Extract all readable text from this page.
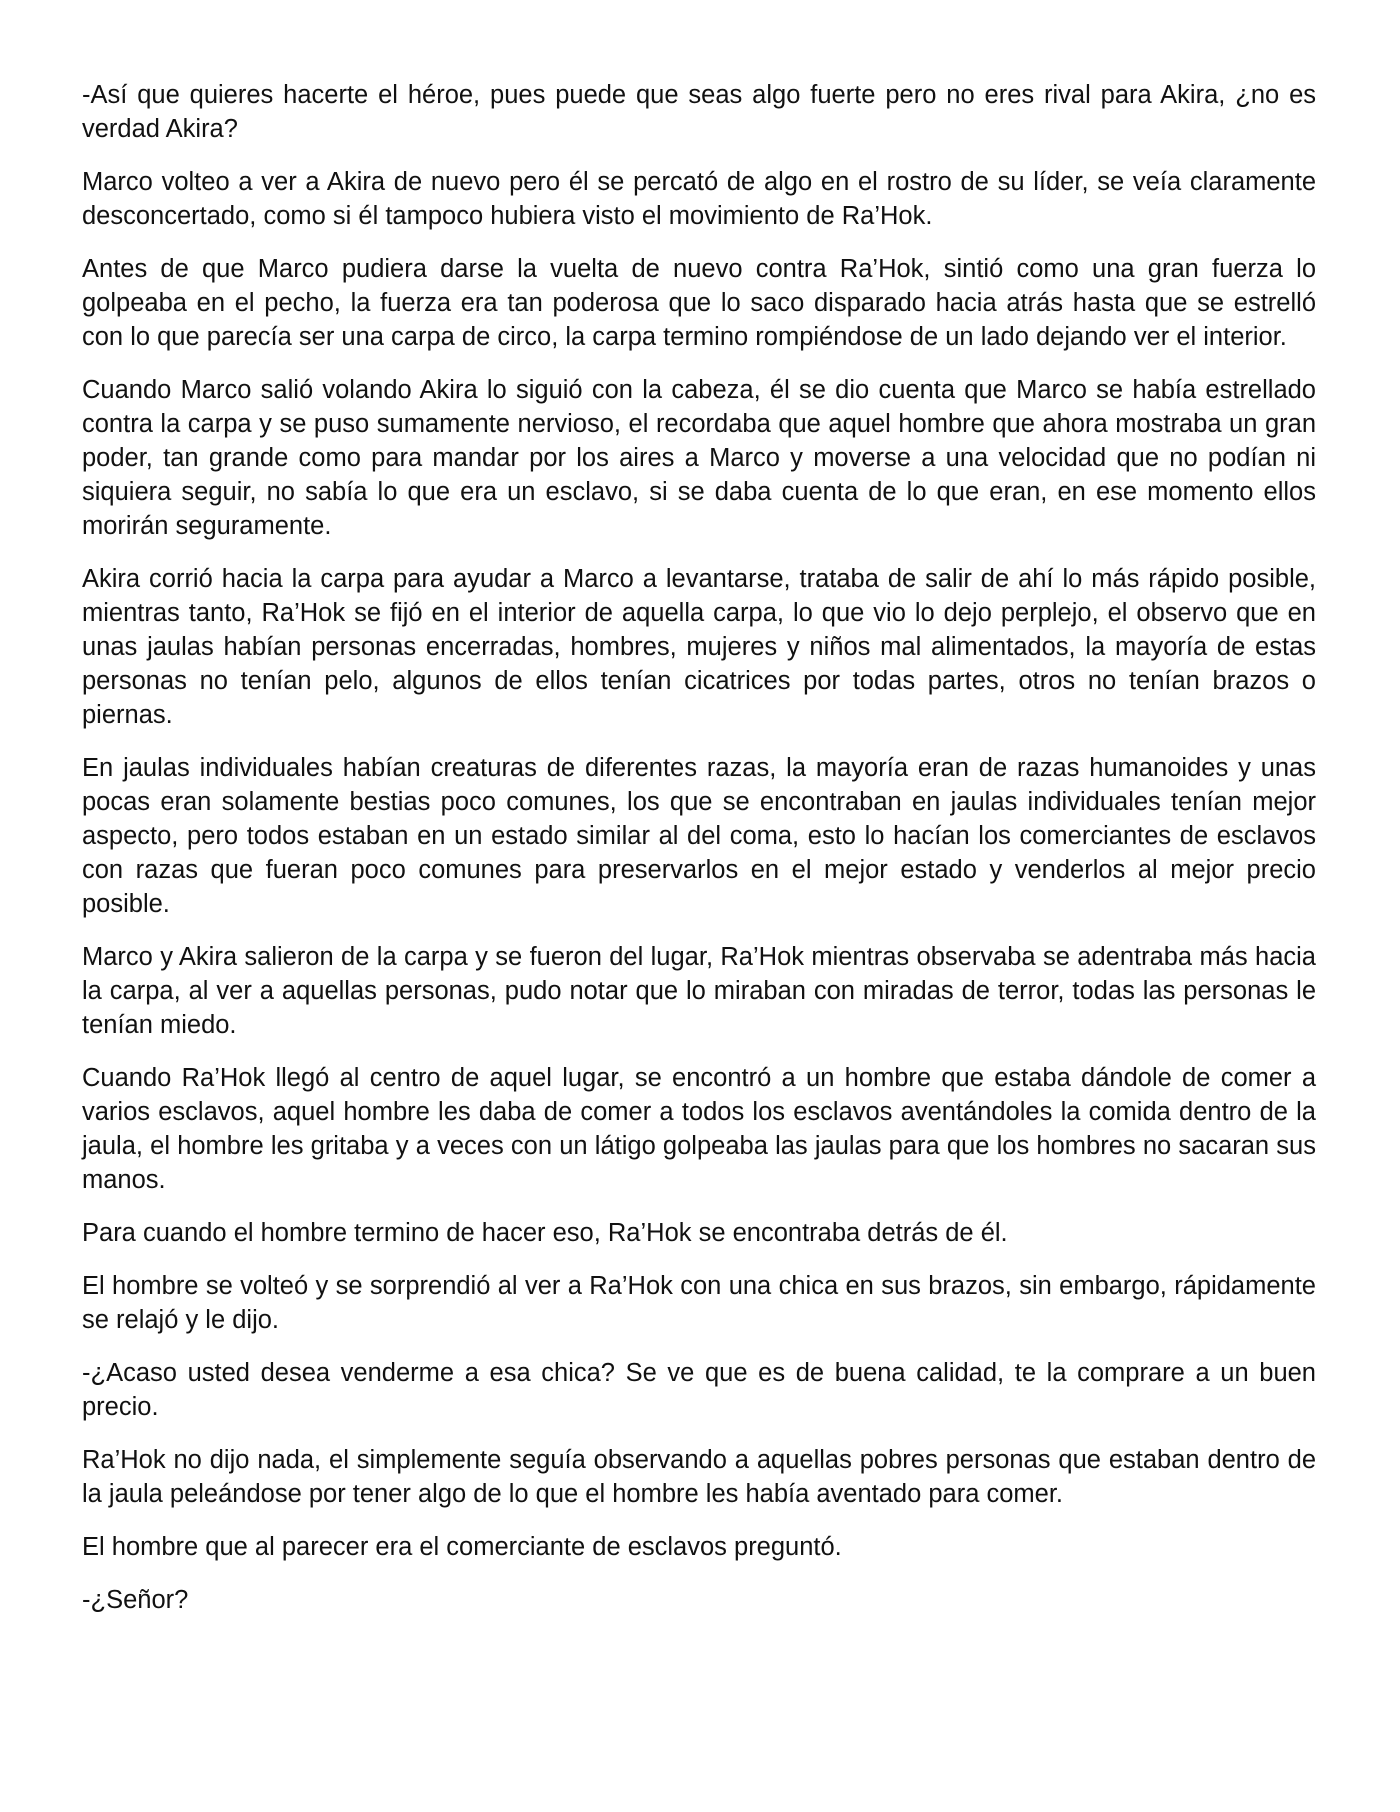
-Así que quieres hacerte el héroe, pues puede que seas algo fuerte pero no eres rival para Akira, ¿no es verdad Akira?

Marco volteo a ver a Akira de nuevo pero él se percató de algo en el rostro de su líder, se veía claramente desconcertado, como si él tampoco hubiera visto el movimiento de Ra’Hok.

Antes de que Marco pudiera darse la vuelta de nuevo contra Ra’Hok, sintió como una gran fuerza lo golpeaba en el pecho, la fuerza era tan poderosa que lo saco disparado hacia atrás hasta que se estrelló con lo que parecía ser una carpa de circo, la carpa termino rompiéndose de un lado dejando ver el interior.

Cuando Marco salió volando Akira lo siguió con la cabeza, él se dio cuenta que Marco se había estrellado contra la carpa y se puso sumamente nervioso, el recordaba que aquel hombre que ahora mostraba un gran poder, tan grande como para mandar por los aires a Marco y moverse a una velocidad que no podían ni siquiera seguir, no sabía lo que era un esclavo, si se daba cuenta de lo que eran, en ese momento ellos morirán seguramente.

Akira corrió hacia la carpa para ayudar a Marco a levantarse, trataba de salir de ahí lo más rápido posible, mientras tanto, Ra’Hok se fijó en el interior de aquella carpa, lo que vio lo dejo perplejo, el observo que en unas jaulas habían personas encerradas, hombres, mujeres y niños mal alimentados, la mayoría de estas personas no tenían pelo, algunos de ellos tenían cicatrices por todas partes, otros no tenían brazos o piernas.

En jaulas individuales habían creaturas de diferentes razas, la mayoría eran de razas humanoides y unas pocas eran solamente bestias poco comunes, los que se encontraban en jaulas individuales tenían mejor aspecto, pero todos estaban en un estado similar al del coma, esto lo hacían los comerciantes de esclavos con razas que fueran poco comunes para preservarlos en el mejor estado y venderlos al mejor precio posible.

Marco y Akira salieron de la carpa y se fueron del lugar, Ra’Hok mientras observaba se adentraba más hacia la carpa, al ver a aquellas personas, pudo notar que lo miraban con miradas de terror, todas las personas le tenían miedo.

Cuando Ra’Hok llegó al centro de aquel lugar, se encontró a un hombre que estaba dándole de comer a varios esclavos, aquel hombre les daba de comer a todos los esclavos aventándoles la comida dentro de la jaula, el hombre les gritaba y a veces con un látigo golpeaba las jaulas para que los hombres no sacaran sus manos.

Para cuando el hombre termino de hacer eso, Ra’Hok se encontraba detrás de él.

El hombre se volteó y se sorprendió al ver a Ra’Hok con una chica en sus brazos, sin embargo, rápidamente se relajó y le dijo.

-¿Acaso usted desea venderme a esa chica? Se ve que es de buena calidad, te la comprare a un buen precio.

Ra’Hok no dijo nada, el simplemente seguía observando a aquellas pobres personas que estaban dentro de la jaula peleándose por tener algo de lo que el hombre les había aventado para comer.

El hombre que al parecer era el comerciante de esclavos preguntó.

-¿Señor?
